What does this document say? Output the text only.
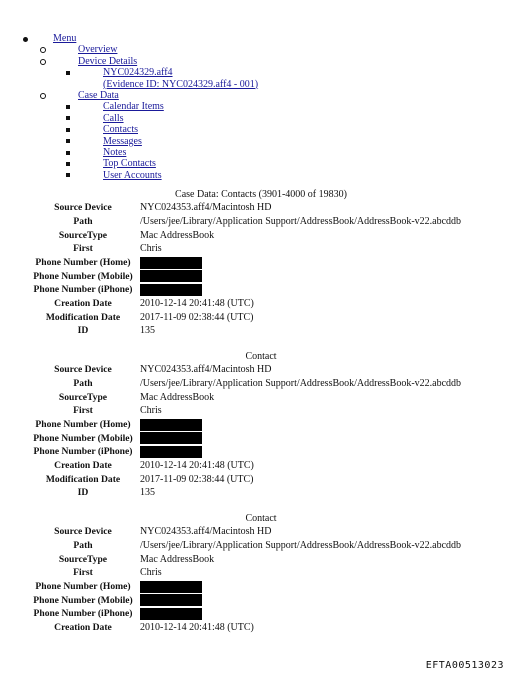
Menu
Overview
Device Details
NYC024329.aff4
(Evidence ID: NYC024329.aff4 - 001)
Case Data
Calendar Items
Calls
Contacts
Messages
Notes
Top Contacts
User Accounts
Case Data: Contacts (3901-4000 of 19830)
Source Device	NYC024353.aff4/Macintosh HD
Path	/Users/jee/Library/Application Support/AddressBook/AddressBook-v22.abcddb
SourceType	Mac AddressBook
First	Chris
Phone Number (Home)	
Phone Number (Mobile)	
Phone Number (iPhone)	
Creation Date	2010-12-14 20:41:48 (UTC)
Modification Date	2017-11-09 02:38:44 (UTC)
ID	135
Contact
Source Device	NYC024353.aff4/Macintosh HD
Path	/Users/jee/Library/Application Support/AddressBook/AddressBook-v22.abcddb
SourceType	Mac AddressBook
First	Chris
Phone Number (Home)	
Phone Number (Mobile)	
Phone Number (iPhone)	
Creation Date	2010-12-14 20:41:48 (UTC)
Modification Date	2017-11-09 02:38:44 (UTC)
ID	135
Contact
Source Device	NYC024353.aff4/Macintosh HD
Path	/Users/jee/Library/Application Support/AddressBook/AddressBook-v22.abcddb
SourceType	Mac AddressBook
First	Chris
Phone Number (Home)	
Phone Number (Mobile)	
Phone Number (iPhone)	
Creation Date	2010-12-14 20:41:48 (UTC)
EFTA00513023
